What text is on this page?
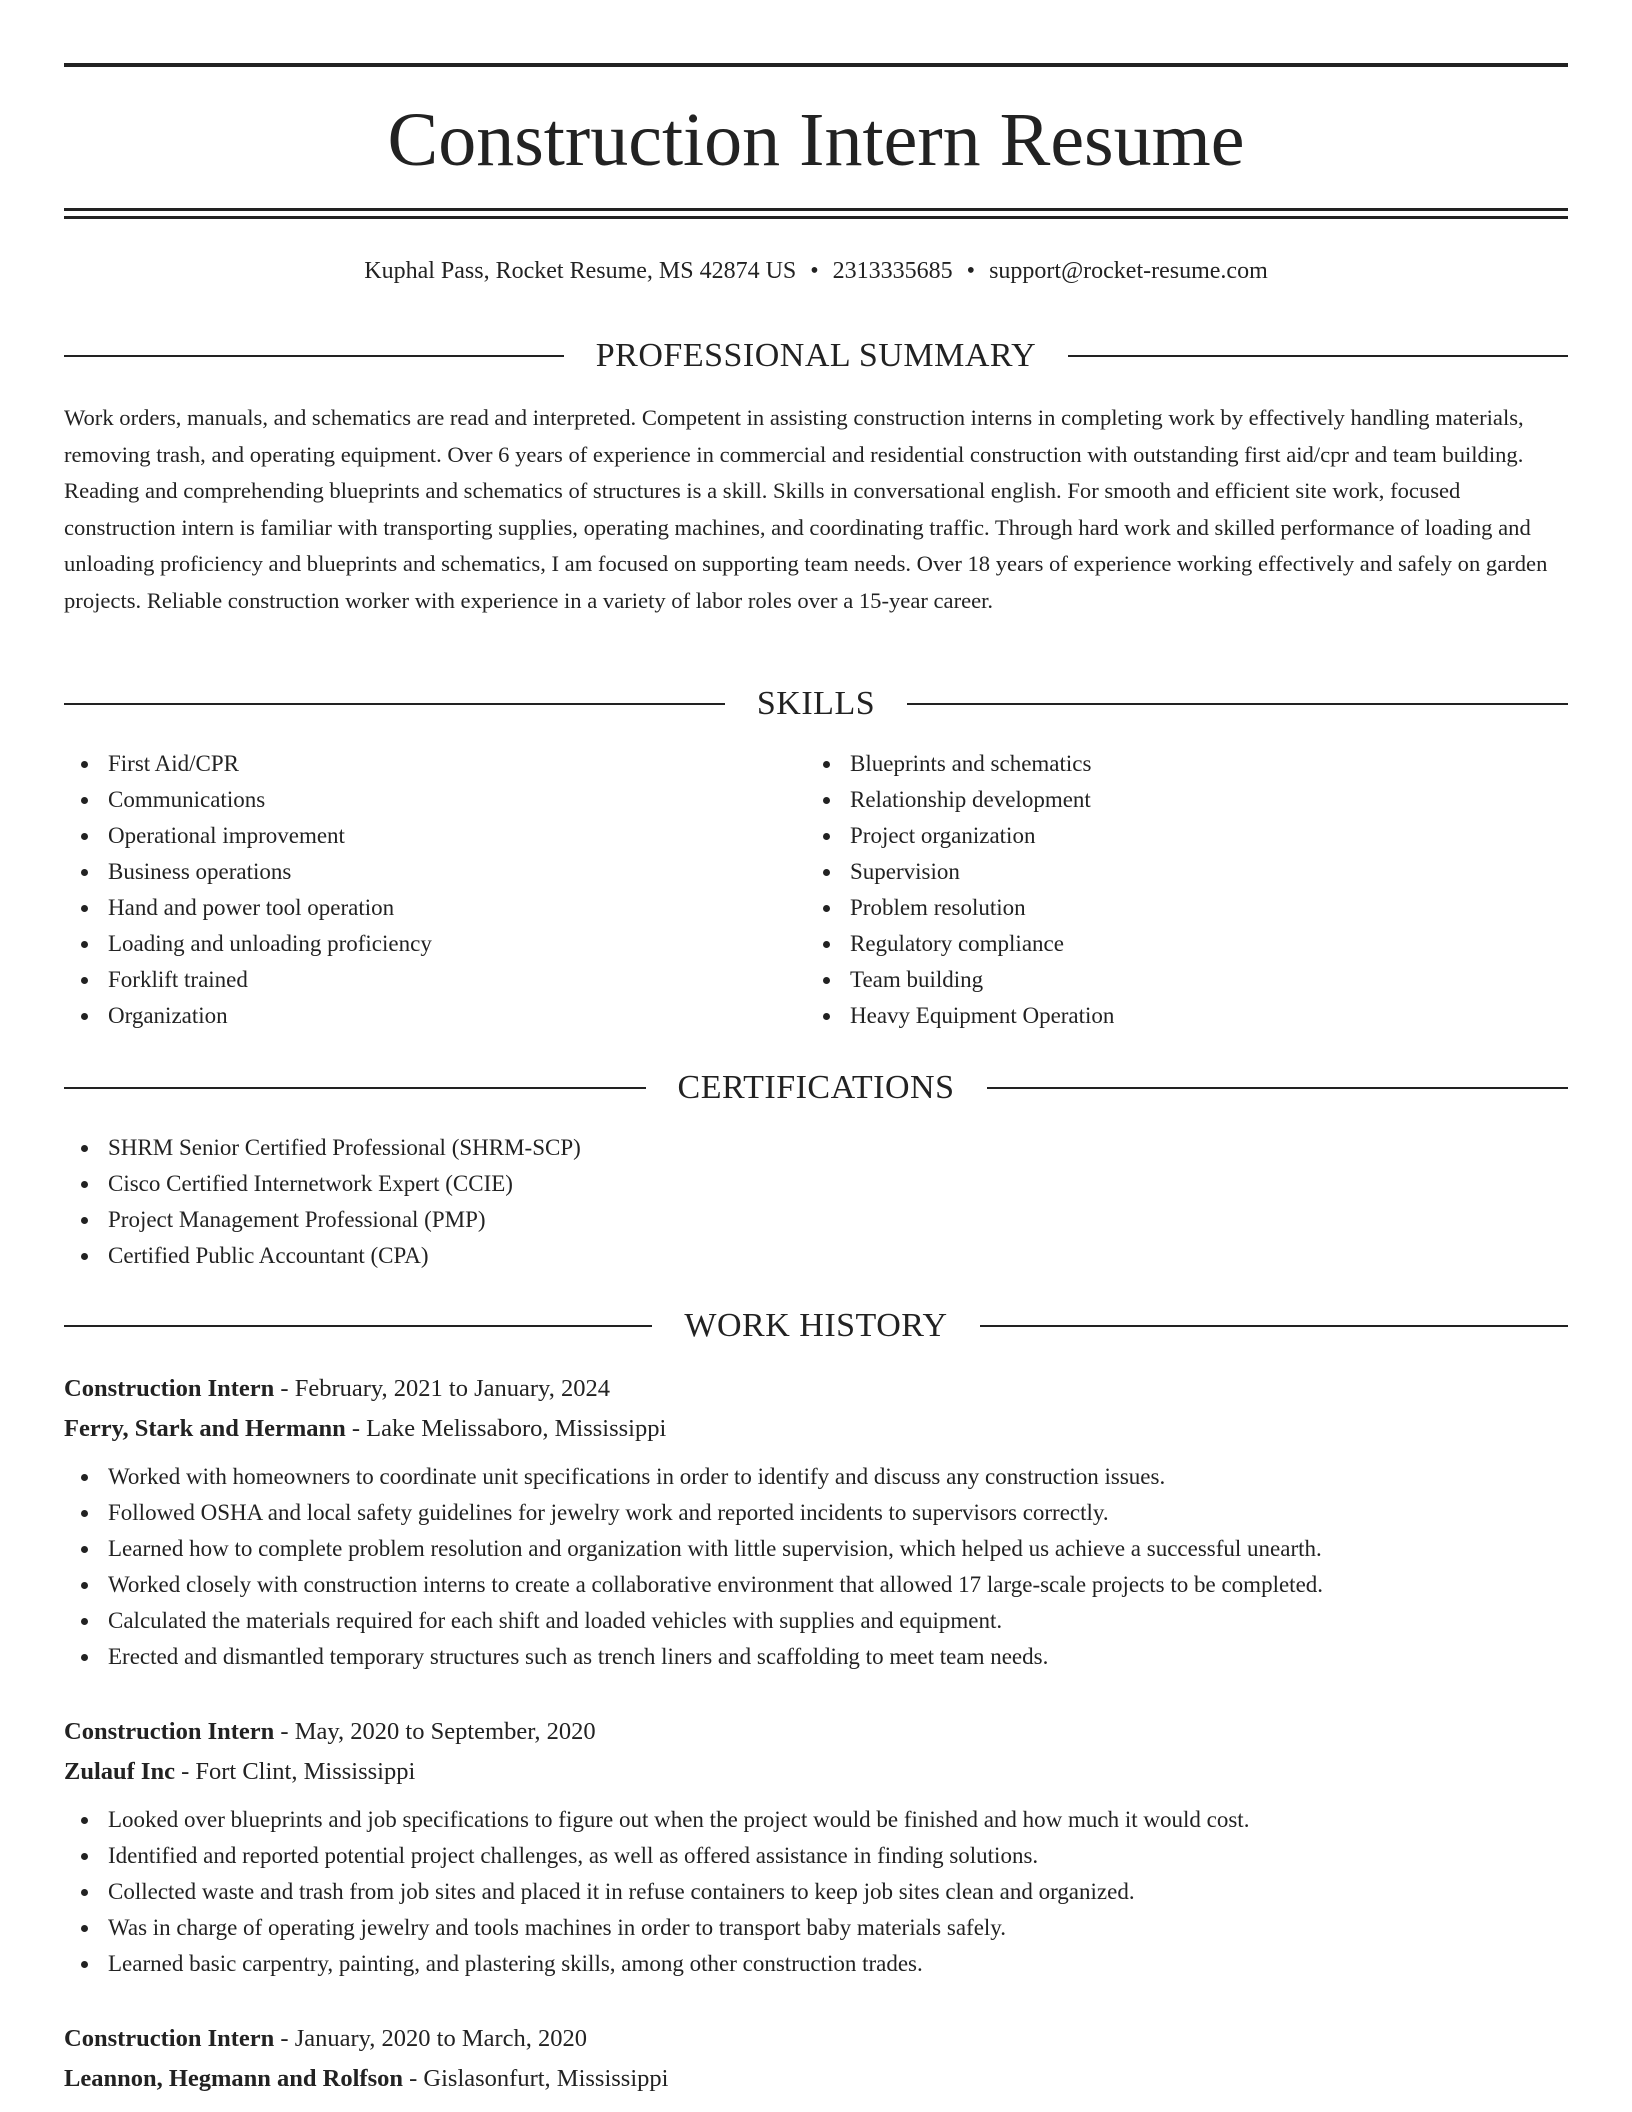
Construction Intern Resume
Kuphal Pass, Rocket Resume, MS 42874 US • 2313335685 • support@rocket-resume.com
PROFESSIONAL SUMMARY

Work orders, manuals, and schematics are read and interpreted. Competent in assisting construction interns in completing work by effectively handling materials, removing trash, and operating equipment. Over 6 years of experience in commercial and residential construction with outstanding first aid/cpr and team building. Reading and comprehending blueprints and schematics of structures is a skill. Skills in conversational english. For smooth and efficient site work, focused construction intern is familiar with transporting supplies, operating machines, and coordinating traffic. Through hard work and skilled performance of loading and unloading proficiency and blueprints and schematics, I am focused on supporting team needs. Over 18 years of experience working effectively and safely on garden projects. Reliable construction worker with experience in a variety of labor roles over a 15-year career.

SKILLS
First Aid/CPR
Communications
Operational improvement
Business operations
Hand and power tool operation
Loading and unloading proficiency
Forklift trained
Organization
Blueprints and schematics
Relationship development
Project organization
Supervision
Problem resolution
Regulatory compliance
Team building
Heavy Equipment Operation
CERTIFICATIONS
SHRM Senior Certified Professional (SHRM-SCP)
Cisco Certified Internetwork Expert (CCIE)
Project Management Professional (PMP)
Certified Public Accountant (CPA)
WORK HISTORY
Construction Intern - February, 2021 to January, 2024
Ferry, Stark and Hermann - Lake Melissaboro, Mississippi
Worked with homeowners to coordinate unit specifications in order to identify and discuss any construction issues.
Followed OSHA and local safety guidelines for jewelry work and reported incidents to supervisors correctly.
Learned how to complete problem resolution and organization with little supervision, which helped us achieve a successful unearth.
Worked closely with construction interns to create a collaborative environment that allowed 17 large-scale projects to be completed.
Calculated the materials required for each shift and loaded vehicles with supplies and equipment.
Erected and dismantled temporary structures such as trench liners and scaffolding to meet team needs.
Construction Intern - May, 2020 to September, 2020
Zulauf Inc - Fort Clint, Mississippi
Looked over blueprints and job specifications to figure out when the project would be finished and how much it would cost.
Identified and reported potential project challenges, as well as offered assistance in finding solutions.
Collected waste and trash from job sites and placed it in refuse containers to keep job sites clean and organized.
Was in charge of operating jewelry and tools machines in order to transport baby materials safely.
Learned basic carpentry, painting, and plastering skills, among other construction trades.
Construction Intern - January, 2020 to March, 2020
Leannon, Hegmann and Rolfson - Gislasonfurt, Mississippi
